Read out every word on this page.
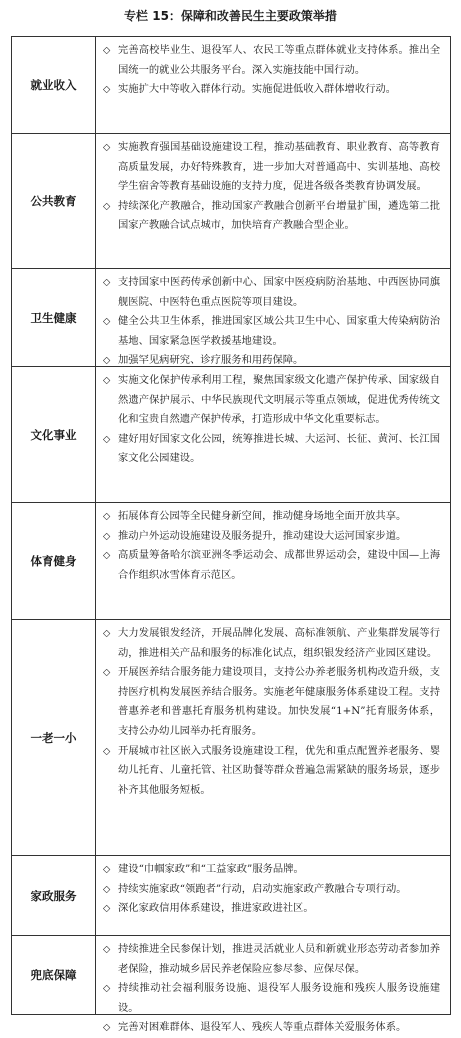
专栏 15：保障和改善民生主要政策举措
就业收入
◇ 完善高校毕业生、退役军人、农民工等重点群体就业支持体系。推出全国统一的就业公共服务平台。深入实施技能中国行动。
◇ 实施扩大中等收入群体行动。实施促进低收入群体增收行动。
公共教育
◇ 实施教育强国基础设施建设工程，推动基础教育、职业教育、高等教育高质量发展，办好特殊教育，进一步加大对普通高中、实训基地、高校学生宿舍等教育基础设施的支持力度，促进各级各类教育协调发展。
◇ 持续深化产教融合，推动国家产教融合创新平台增量扩围，遴选第二批国家产教融合试点城市，加快培育产教融合型企业。
卫生健康
◇ 支持国家中医药传承创新中心、国家中医疫病防治基地、中西医协同旗舰医院、中医特色重点医院等项目建设。
◇ 健全公共卫生体系，推进国家区域公共卫生中心、国家重大传染病防治基地、国家紧急医学救援基地建设。
◇ 加强罕见病研究、诊疗服务和用药保障。
文化事业
◇ 实施文化保护传承利用工程，聚焦国家级文化遗产保护传承、国家级自然遗产保护展示、中华民族现代文明展示等重点领域，促进优秀传统文化和宝贵自然遗产保护传承，打造形成中华文化重要标志。
◇ 建好用好国家文化公园，统筹推进长城、大运河、长征、黄河、长江国家文化公园建设。
体育健身
◇ 拓展体育公园等全民健身新空间，推动健身场地全面开放共享。
◇ 推动户外运动设施建设及服务提升，推动建设大运河国家步道。
◇ 高质量筹备哈尔滨亚洲冬季运动会、成都世界运动会，建设中国—上海合作组织冰雪体育示范区。
一老一小
◇ 大力发展银发经济，开展品牌化发展、高标准领航、产业集群发展等行动，推进相关产品和服务的标准化试点，组织银发经济产业园区建设。
◇ 开展医养结合服务能力建设项目，支持公办养老服务机构改造升级，支持医疗机构发展医养结合服务。实施老年健康服务体系建设工程。支持普惠养老和普惠托育服务机构建设。加快发展“1+N”托育服务体系，支持公办幼儿园举办托育服务。
◇ 开展城市社区嵌入式服务设施建设工程，优先和重点配置养老服务、婴幼儿托育、儿童托管、社区助餐等群众普遍急需紧缺的服务场景，逐步补齐其他服务短板。
家政服务
◇ 建设“巾帼家政”和“工益家政”服务品牌。
◇ 持续实施家政“领跑者”行动，启动实施家政产教融合专项行动。
◇ 深化家政信用体系建设，推进家政进社区。
兜底保障
◇ 持续推进全民参保计划，推进灵活就业人员和新就业形态劳动者参加养老保险，推动城乡居民养老保险应参尽参、应保尽保。
◇ 持续推动社会福利服务设施、退役军人服务设施和残疾人服务设施建设。
◇ 完善对困难群体、退役军人、残疾人等重点群体关爱服务体系。
